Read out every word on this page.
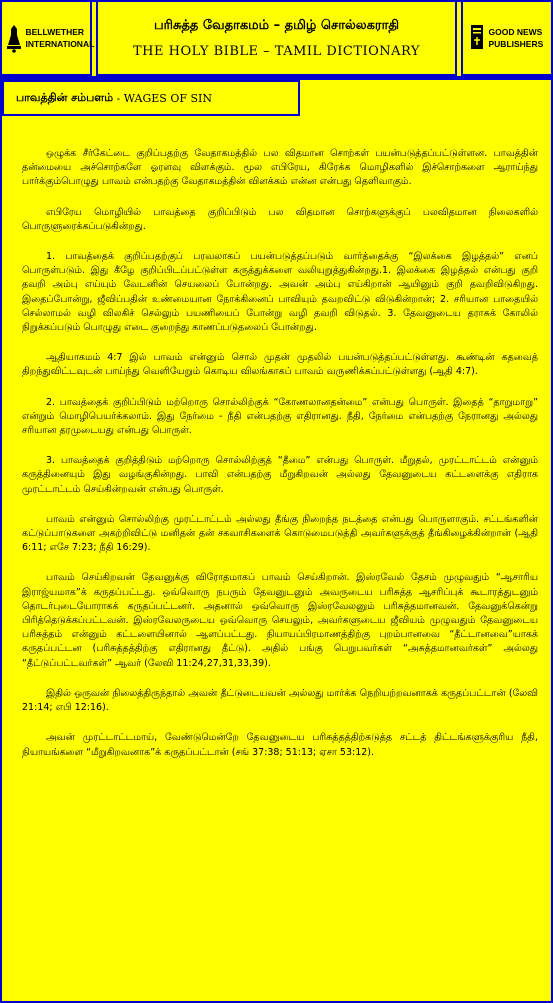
BELLWETHER INTERNATIONAL
பரிசுத்த வேதாகமம் – தமிழ் சொல்லகராதி
THE HOLY BIBLE – TAMIL DICTIONARY
GOOD NEWS PUBLISHERS
பாவத்தின் சம்பளம் - WAGES OF SIN

ஒழுக்க சீர்கேட்டை குறிப்பதற்கு வேதாகமத்தில் பல விதமான சொற்கள் பயன்படுத்தப்பட்டுள்ளன. பாவத்தின் தன்மையை அச்சொற்களே ஓரளவு விளக்கும். மூல எபிரேய, கிரேக்க மொழிகளில் இச்சொற்களை ஆராய்ந்து பார்க்கும்பொழுது பாவம் என்பதற்கு வேதாகமத்தின் விளக்கம் என்ன என்பது தெளிவாகும்.

எபிரேய மொழியில் பாவத்தை குறிப்பிடும் பல விதமான சொற்களுக்குப் பலவிதமான நிலைகளில் பொருளுரைக்கப்படுகின்றது.

1. பாவத்தைக் குறிப்பதற்குப் பரவலாகப் பயன்படுத்தப்படும் வார்த்தைக்கு “இலக்கை இழத்தல்” எனப் பொருள்படும். இது கீழே குறிப்பிடப்பட்டுள்ள கருத்துக்களை வலியுறுத்துகின்றது.1. இலக்கை இழத்தல் என்பது குறி தவறி அம்பு எய்யும் வேடனின் செயலைப் போன்றது. அவன் அம்பு எய்கிறான் ஆயினும் குறி தவறிவிடுகிறது. இதைப்போன்று, ஜீவிப்பதின் உண்மையான நோக்கினைப் பாவியும் தவறவிட்டு விடுகின்றான்; 2. சரியான பாதையில் செல்லாமல் வழி விலகிச் செல்லும் பயணியைப் போன்று வழி தவறி விடுதல். 3. தேவனுடைய தராசுக் கோலில் நிறுக்கப்படும் பொழுது எடை குறைந்து காணப்படுதலைப் போன்றது.

ஆதியாகமம் 4:7 இல் பாவம் என்னும் சொல் முதன் முதலில் பயன்படுத்தப்பட்டுள்ளது. கூண்டின் கதவைத் திறந்துவிட்டவுடன் பாய்ந்து வெளியேறும் கொடிய விலங்காகப் பாவம் வருணிக்கப்பட்டுள்ளது (ஆதி 4:7).

2. பாவத்தைக் குறிப்பிடும் மற்றொரு சொல்லிற்குக் “கோணலானதன்மை” என்பது பொருள். இதைத் “தாறுமாறு” என்றும் மொழிபெயர்க்கலாம். இது நேர்மை - நீதி என்பதற்கு எதிரானது. நீதி, நேர்மை என்பதற்கு நேரானது அல்லது சரியான தரமுடையது என்பது பொருள்.

3. பாவத்தைக் குறித்திடும் மற்றொரு சொல்லிற்குத் “தீமை” என்பது பொருள். மீறுதல், முரட்டாட்டம் என்னும் கருத்தினையும் இது வழங்குகின்றது. பாவி என்பதற்கு மீறுகிறவன் அல்லது தேவனுடைய கட்டளைக்கு எதிராக முரட்டாட்டம் செய்கின்றவன் என்பது பொருள்.

பாவம் என்னும் சொல்லிற்கு முரட்டாட்டம் அல்லது தீங்கு நிறைந்த நடத்தை என்பது பொருளாகும். சட்டங்களின் கட்டுப்பாடுகளை அகற்றிவிட்டு மனிதன் தன் சகவாசிகளைக் கொடுமைபடுத்தி அவர்களுக்குத் தீங்கிழைக்கின்றான் (ஆதி 6:11; எசே 7:23; நீதி 16:29).

பாவம் செய்கிறவன் தேவனுக்கு விரோதமாகப் பாவம் செய்கிறான். இஸ்ரவேல் தேசம் முழுவதும் “ஆசாரிய இராஜ்யமாக”க் கருதப்பட்டது. ஒவ்வொரு நபரும் தேவனுடனும் அவருடைய பரிசுத்த ஆசரிப்புக் கூடாரத்துடனும் தொடர்புடையோராகக் கருதப்பட்டனர். அதனால் ஒவ்வொரு இஸ்ரவேலனும் பரிசுத்தமானவன். தேவனுக்கென்று பிரித்தெடுக்கப்பட்டவன். இஸ்ரவேலருடைய ஒவ்வொரு செயலும், அவர்களுடைய ஜீவியம் முழுவதும் தேவனுடைய பரிசுத்தம் என்னும் கட்டளையினால் ஆளப்பட்டது. நியாயப்பிரமாணத்திற்கு புறம்பானவை “தீட்டானவை”யாகக் கருதப்பட்டன (பரிசுத்தத்திற்கு எதிரானது தீட்டு). அதில் பங்கு பெறுபவர்கள் “அசுத்தமானவர்கள்” அல்லது “தீட்டுப்பட்டவர்கள்” ஆவர் (லேவி 11:24,27,31,33,39).

இதில் ஒருவன் நிலைத்திருந்தால் அவன் தீட்டுடையவன் அல்லது மார்க்க நெறியற்றவனாகக் கருதப்பட்டான் (லேவி 21:14; எபி 12:16).

அவன் முரட்டாட்டமாய், வேண்டுமென்றே தேவனுடைய பரிசுத்தத்திற்கடுத்த சட்டத் திட்டங்களுக்குரிய நீதி, நியாயங்களை “மீறுகிறவனாக”க் கருதப்பட்டான் (சங் 37:38; 51:13; ஏசா 53:12).
